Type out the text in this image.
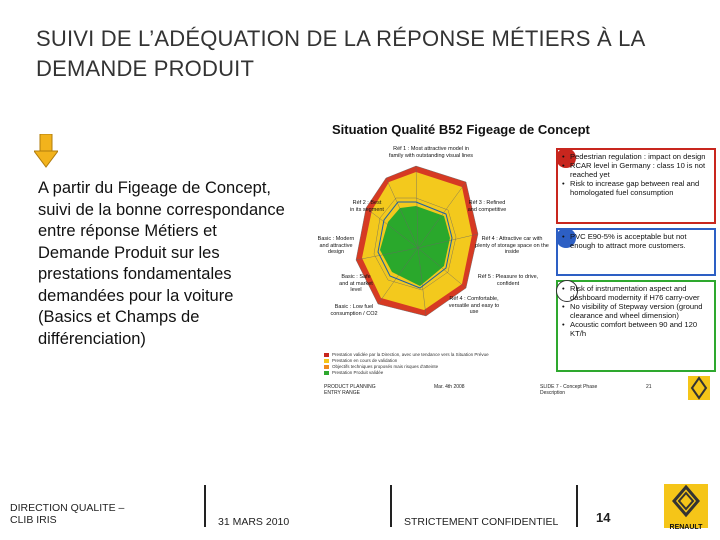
SUIVI DE L’ADÉQUATION DE LA RÉPONSE MÉTIERS À LA DEMANDE PRODUIT
A partir du Figeage de Concept, suivi de la bonne correspondance entre réponse Métiers et Demande Produit sur les prestations fondamentales demandées pour la voiture (Basics et Champs de différenciation)
Situation Qualité B52 Figeage de Concept
Réf 1 : Most attractive model in family with outstanding visual lines
Réf 3 : Refined and competitive
Réf 2 : Best in its segment
Basic : Modern and attractive design
Réf 4 : Attractive car with plenty of storage space on the inside
Basic : Safe and at market level
Réf 5 : Pleasure to drive, confident
Réf 4 : Comfortable, versatile and easy to use
Basic : Low fuel consumption / CO2
• Pedestrian regulation : impact on design
• RCAR level in Germany : class 10 is not reached yet
• Risk to increase gap between real and homologated fuel consumption
• PVC E90-5% is acceptable but not enough to attract more customers.
• Risk of instrumentation aspect and dashboard modernity if H76 carry-over
• No visibility of Stepway version (ground clearance and wheel dimension)
• Acoustic comfort between 90 and 120 KT/h
Prestation validée par la Direction, avec une tendance vers la Situation Prévue
Prestation en cours de validation
Objectifs techniques proposés mais risques d'atteinte
Prestation Produit validée
PRODUCT PLANNING
ENTRY RANGE
Mar. 4th 2008	SLIDE 7 - Concept Phase
Description
21
DIRECTION QUALITE –
CLIB IRIS	31 MARS 2010	STRICTEMENT CONFIDENTIEL	14
RENAULT
